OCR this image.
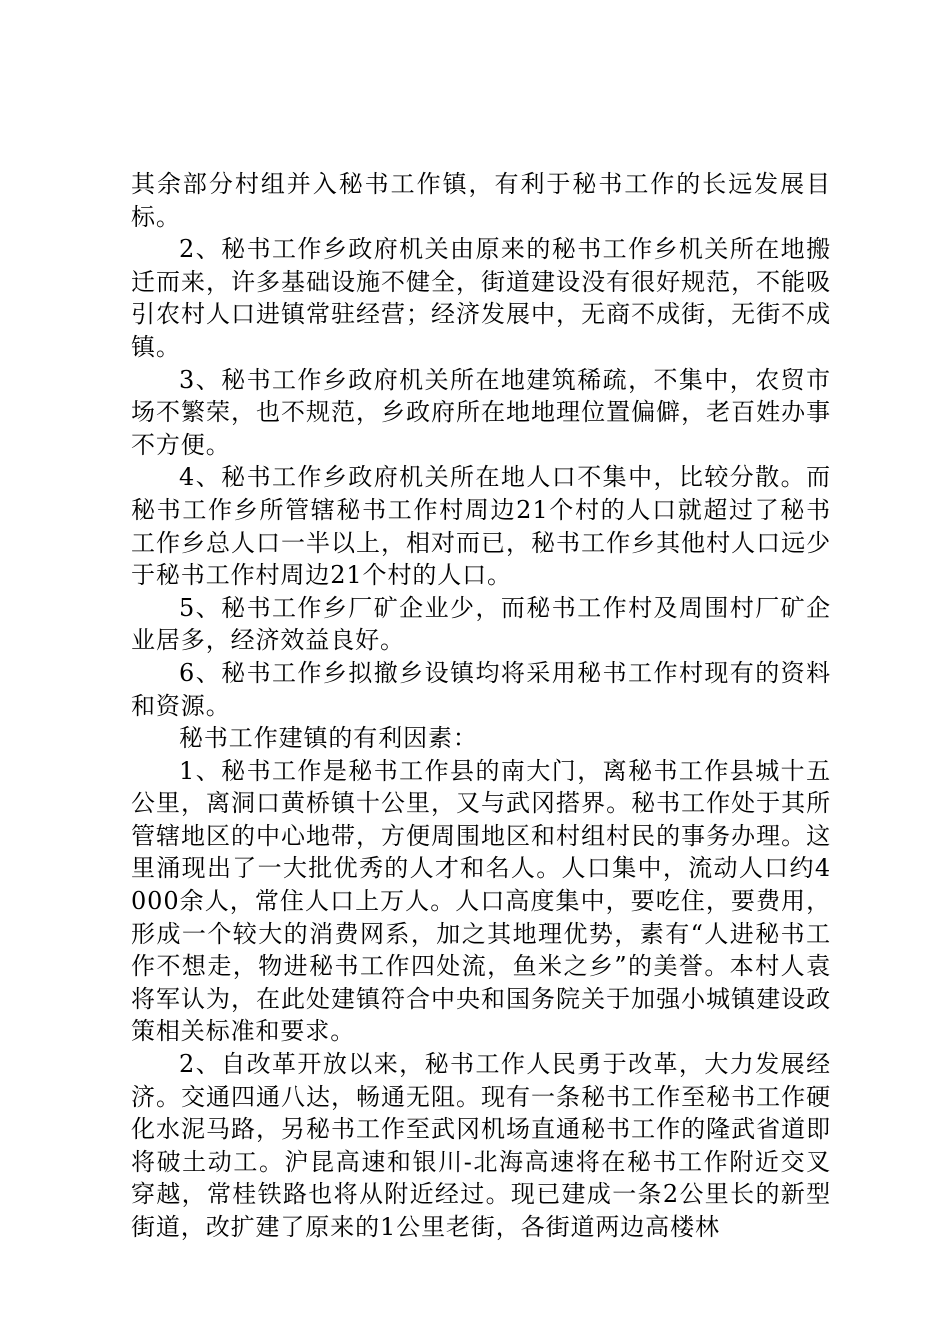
其余部分村组并入秘书工作镇，有利于秘书工作的长远发展目标。

2、秘书工作乡政府机关由原来的秘书工作乡机关所在地搬迁而来，许多基础设施不健全，街道建设没有很好规范，不能吸引农村人口进镇常驻经营；经济发展中，无商不成街，无街不成镇。

3、秘书工作乡政府机关所在地建筑稀疏，不集中，农贸市场不繁荣，也不规范，乡政府所在地地理位置偏僻，老百姓办事不方便。

4、秘书工作乡政府机关所在地人口不集中，比较分散。而秘书工作乡所管辖秘书工作村周边21个村的人口就超过了秘书工作乡总人口一半以上，相对而已，秘书工作乡其他村人口远少于秘书工作村周边21个村的人口。

5、秘书工作乡厂矿企业少，而秘书工作村及周围村厂矿企业居多，经济效益良好。

6、秘书工作乡拟撤乡设镇均将采用秘书工作村现有的资料和资源。

秘书工作建镇的有利因素：

1、秘书工作是秘书工作县的南大门，离秘书工作县城十五公里，离洞口黄桥镇十公里，又与武冈搭界。秘书工作处于其所管辖地区的中心地带，方便周围地区和村组村民的事务办理。这里涌现出了一大批优秀的人才和名人。人口集中，流动人口约4000余人，常住人口上万人。人口高度集中，要吃住，要费用，形成一个较大的消费网系，加之其地理优势，素有“人进秘书工作不想走，物进秘书工作四处流，鱼米之乡”的美誉。本村人袁将军认为，在此处建镇符合中央和国务院关于加强小城镇建设政策相关标准和要求。

2、自改革开放以来，秘书工作人民勇于改革，大力发展经济。交通四通八达，畅通无阻。现有一条秘书工作至秘书工作硬化水泥马路，另秘书工作至武冈机场直通秘书工作的隆武省道即将破土动工。沪昆高速和银川-北海高速将在秘书工作附近交叉穿越，常桂铁路也将从附近经过。现已建成一条2公里长的新型街道，改扩建了原来的1公里老街，各街道两边高楼林
